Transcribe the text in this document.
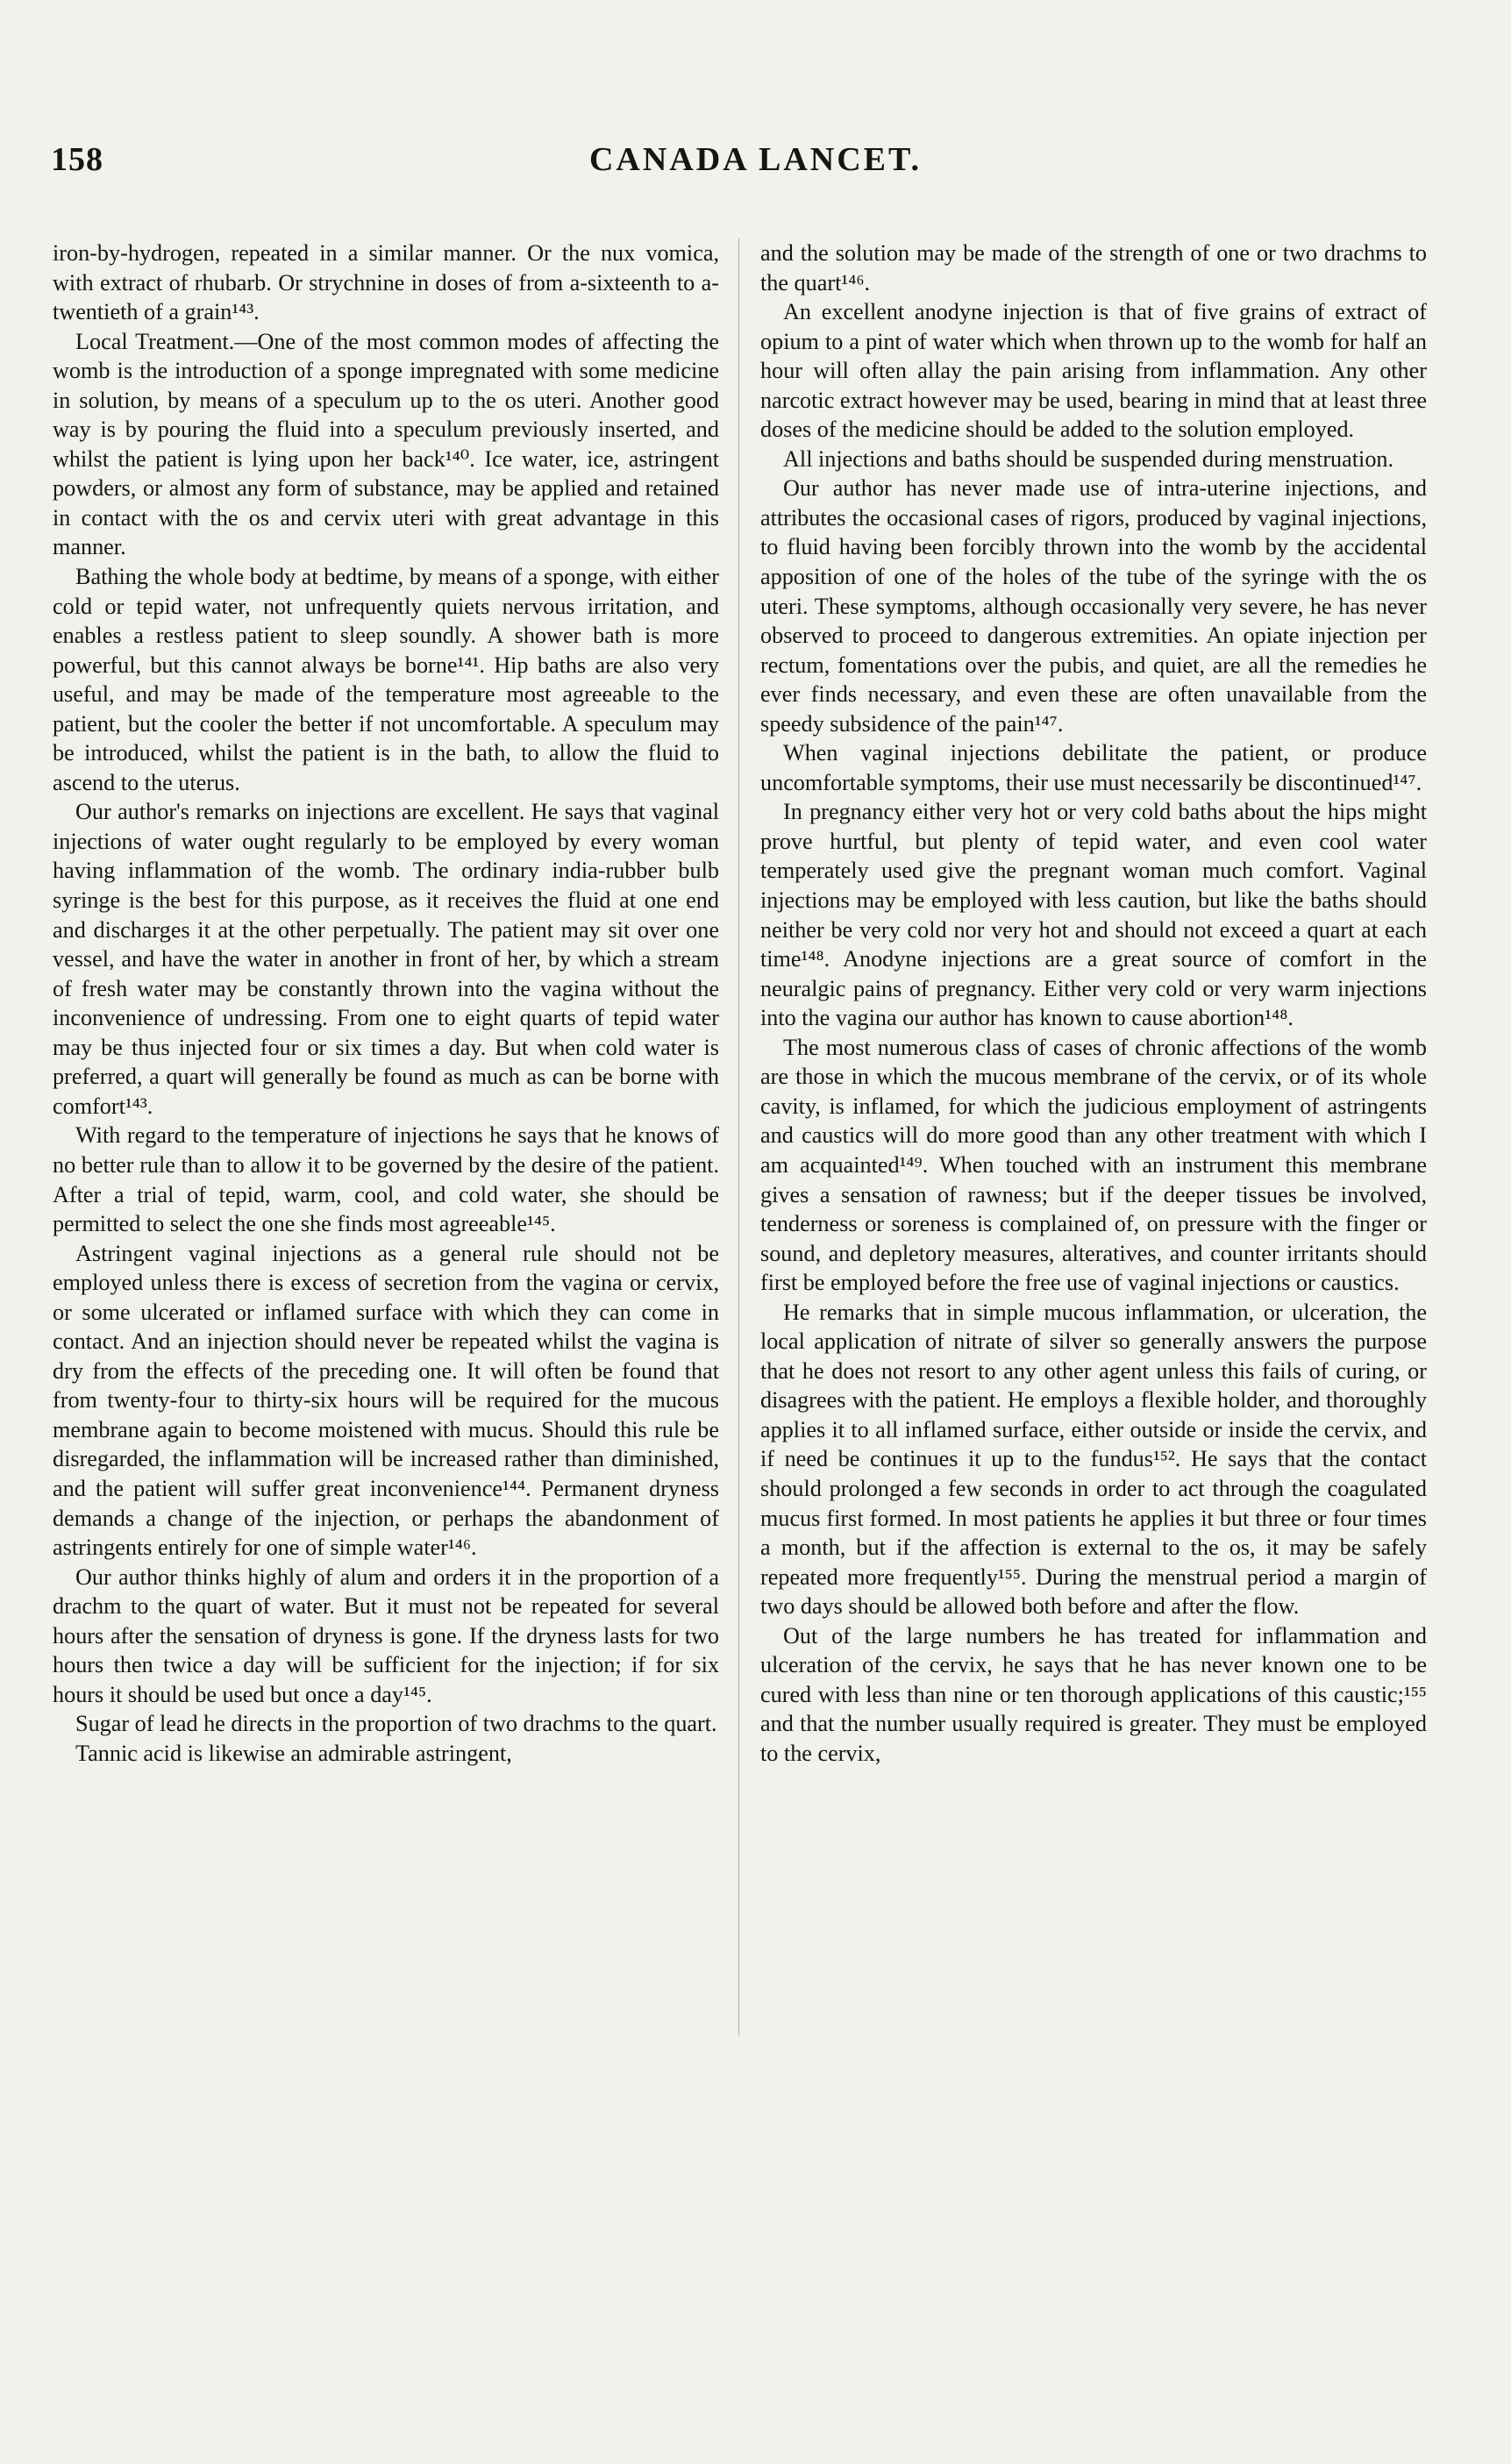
158	CANADA LANCET.

iron-by-hydrogen, repeated in a similar manner. Or the nux vomica, with extract of rhubarb. Or strychnine in doses of from a-sixteenth to a-twentieth of a grain¹⁴³.

Local Treatment.—One of the most common modes of affecting the womb is the introduction of a sponge impregnated with some medicine in solution, by means of a speculum up to the os uteri. Another good way is by pouring the fluid into a speculum previously inserted, and whilst the patient is lying upon her back¹⁴⁰. Ice water, ice, astringent powders, or almost any form of substance, may be applied and retained in contact with the os and cervix uteri with great advantage in this manner.

Bathing the whole body at bedtime, by means of a sponge, with either cold or tepid water, not unfrequently quiets nervous irritation, and enables a restless patient to sleep soundly. A shower bath is more powerful, but this cannot always be borne¹⁴¹. Hip baths are also very useful, and may be made of the temperature most agreeable to the patient, but the cooler the better if not uncomfortable. A speculum may be introduced, whilst the patient is in the bath, to allow the fluid to ascend to the uterus.

Our author's remarks on injections are excellent. He says that vaginal injections of water ought regularly to be employed by every woman having inflammation of the womb. The ordinary india-rubber bulb syringe is the best for this purpose, as it receives the fluid at one end and discharges it at the other perpetually. The patient may sit over one vessel, and have the water in another in front of her, by which a stream of fresh water may be constantly thrown into the vagina without the inconvenience of undressing. From one to eight quarts of tepid water may be thus injected four or six times a day. But when cold water is preferred, a quart will generally be found as much as can be borne with comfort¹⁴³.

With regard to the temperature of injections he says that he knows of no better rule than to allow it to be governed by the desire of the patient. After a trial of tepid, warm, cool, and cold water, she should be permitted to select the one she finds most agreeable¹⁴⁵.

Astringent vaginal injections as a general rule should not be employed unless there is excess of secretion from the vagina or cervix, or some ulcerated or inflamed surface with which they can come in contact. And an injection should never be repeated whilst the vagina is dry from the effects of the preceding one. It will often be found that from twenty-four to thirty-six hours will be required for the mucous membrane again to become moistened with mucus. Should this rule be disregarded, the inflammation will be increased rather than diminished, and the patient will suffer great inconvenience¹⁴⁴. Permanent dryness demands a change of the injection, or perhaps the abandonment of astringents entirely for one of simple water¹⁴⁶.

Our author thinks highly of alum and orders it in the proportion of a drachm to the quart of water. But it must not be repeated for several hours after the sensation of dryness is gone. If the dryness lasts for two hours then twice a day will be sufficient for the injection; if for six hours it should be used but once a day¹⁴⁵.

Sugar of lead he directs in the proportion of two drachms to the quart.

Tannic acid is likewise an admirable astringent,

and the solution may be made of the strength of one or two drachms to the quart¹⁴⁶.

An excellent anodyne injection is that of five grains of extract of opium to a pint of water which when thrown up to the womb for half an hour will often allay the pain arising from inflammation. Any other narcotic extract however may be used, bearing in mind that at least three doses of the medicine should be added to the solution employed.

All injections and baths should be suspended during menstruation.

Our author has never made use of intra-uterine injections, and attributes the occasional cases of rigors, produced by vaginal injections, to fluid having been forcibly thrown into the womb by the accidental apposition of one of the holes of the tube of the syringe with the os uteri. These symptoms, although occasionally very severe, he has never observed to proceed to dangerous extremities. An opiate injection per rectum, fomentations over the pubis, and quiet, are all the remedies he ever finds necessary, and even these are often unavailable from the speedy subsidence of the pain¹⁴⁷.

When vaginal injections debilitate the patient, or produce uncomfortable symptoms, their use must necessarily be discontinued¹⁴⁷.

In pregnancy either very hot or very cold baths about the hips might prove hurtful, but plenty of tepid water, and even cool water temperately used give the pregnant woman much comfort. Vaginal injections may be employed with less caution, but like the baths should neither be very cold nor very hot and should not exceed a quart at each time¹⁴⁸. Anodyne injections are a great source of comfort in the neuralgic pains of pregnancy. Either very cold or very warm injections into the vagina our author has known to cause abortion¹⁴⁸.

The most numerous class of cases of chronic affections of the womb are those in which the mucous membrane of the cervix, or of its whole cavity, is inflamed, for which the judicious employment of astringents and caustics will do more good than any other treatment with which I am acquainted¹⁴⁹. When touched with an instrument this membrane gives a sensation of rawness; but if the deeper tissues be involved, tenderness or soreness is complained of, on pressure with the finger or sound, and depletory measures, alteratives, and counter irritants should first be employed before the free use of vaginal injections or caustics.

He remarks that in simple mucous inflammation, or ulceration, the local application of nitrate of silver so generally answers the purpose that he does not resort to any other agent unless this fails of curing, or disagrees with the patient. He employs a flexible holder, and thoroughly applies it to all inflamed surface, either outside or inside the cervix, and if need be continues it up to the fundus¹⁵². He says that the contact should prolonged a few seconds in order to act through the coagulated mucus first formed. In most patients he applies it but three or four times a month, but if the affection is external to the os, it may be safely repeated more frequently¹⁵⁵. During the menstrual period a margin of two days should be allowed both before and after the flow.

Out of the large numbers he has treated for inflammation and ulceration of the cervix, he says that he has never known one to be cured with less than nine or ten thorough applications of this caustic;¹⁵⁵ and that the number usually required is greater. They must be employed to the cervix,
